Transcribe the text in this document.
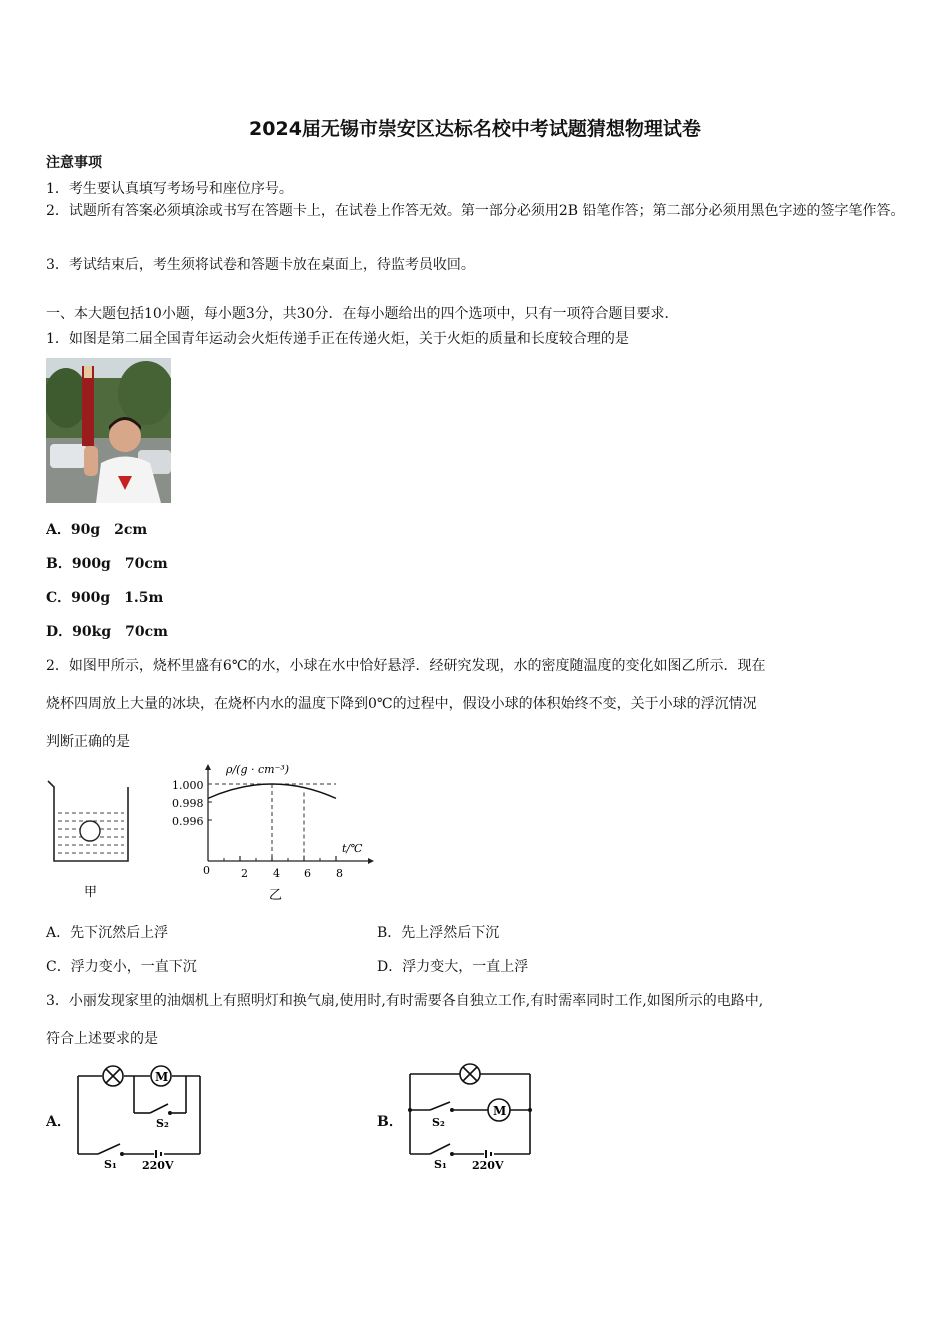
2024届无锡市崇安区达标名校中考试题猜想物理试卷
注意事项
1．考生要认真填写考场号和座位序号。
2．试题所有答案必须填涂或书写在答题卡上，在试卷上作答无效。第一部分必须用2B 铅笔作答；第二部分必须用黑色字迹的签字笔作答。
3．考试结束后，考生须将试卷和答题卡放在桌面上，待监考员收回。
一、本大题包括10小题，每小题3分，共30分．在每小题给出的四个选项中，只有一项符合题目要求．
1．如图是第二届全国青年运动会火炬传递手正在传递火炬，关于火炬的质量和长度较合理的是
A．90g　2cm
B．900g　70cm
C．900g　1.5m
D．90kg　70cm
2．如图甲所示，烧杯里盛有6℃的水，小球在水中恰好悬浮．经研究发现，水的密度随温度的变化如图乙所示．现在
烧杯四周放上大量的冰块，在烧杯内水的温度下降到0℃的过程中，假设小球的体积始终不变，关于小球的浮沉情况
判断正确的是
甲
ρ/(g · cm⁻³)
t/℃
0	2 4 6 8
1.000
0.998
0.996
乙
A．先下沉然后上浮	B．先上浮然后下沉
C．浮力变小，一直下沉	D．浮力变大，一直上浮
3．小丽发现家里的油烟机上有照明灯和换气扇,使用时,有时需要各自独立工作,有时需率同时工作,如图所示的电路中,
符合上述要求的是
A．	B．
M
S₂
S₁ 220V
M
S₂
S₁ 220V
